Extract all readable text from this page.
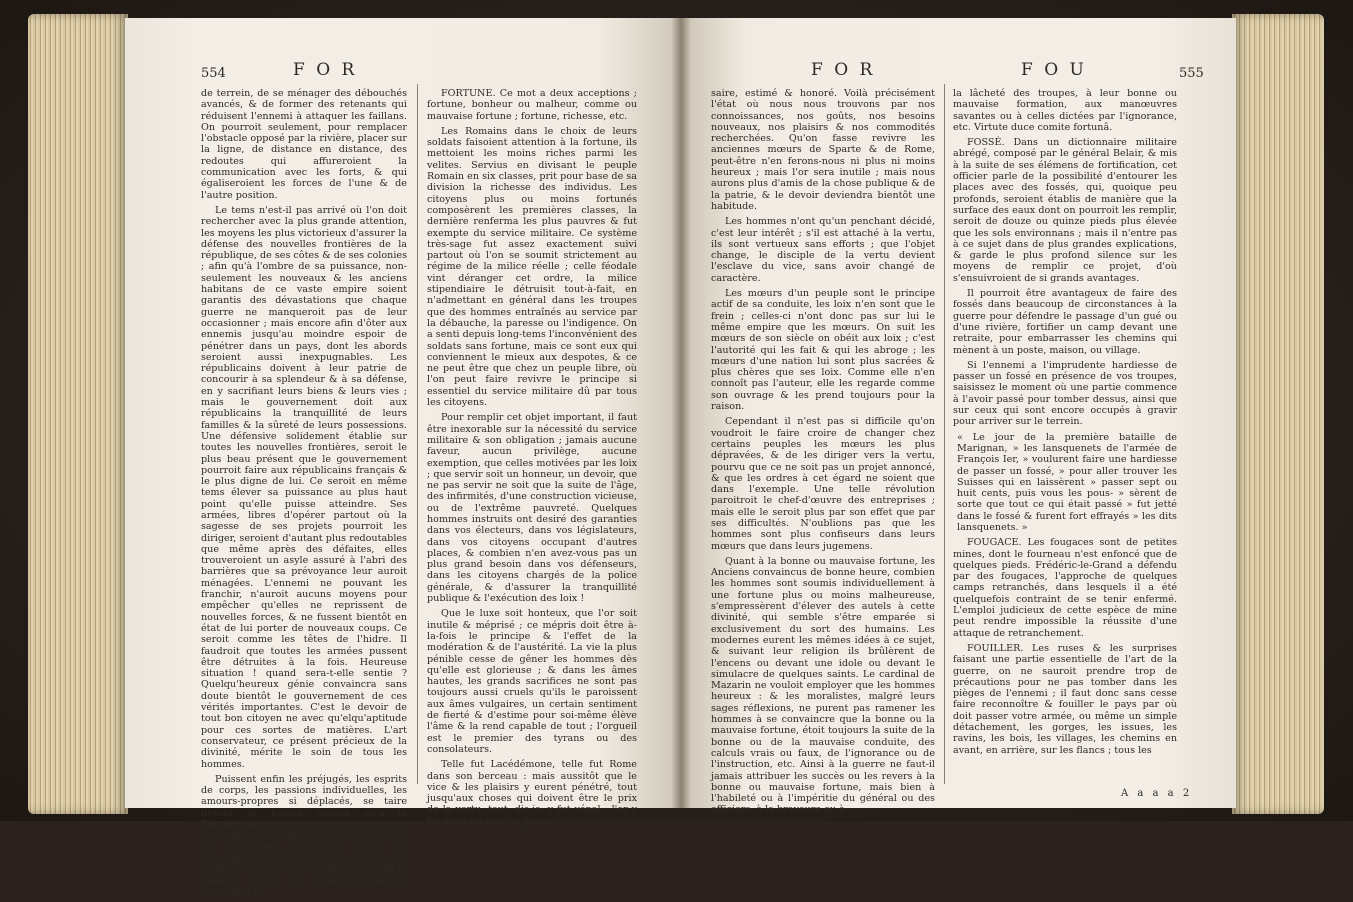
554	F O R

de terrein, de se ménager des débouchés avancés, & de former des retenants qui réduisent l'ennemi à attaquer les faillans. On pourroit seulement, pour remplacer l'obstacle opposé par la rivière, placer sur la ligne, de distance en distance, des redoutes qui affureroient la communication avec les forts, & qui égaliseroient les forces de l'une & de l'autre position.

Le tems n'est-il pas arrivé où l'on doit rechercher avec la plus grande attention, les moyens les plus victorieux d'assurer la défense des nouvelles frontières de la république, de ses côtes & de ses colonies ; afin qu'à l'ombre de sa puissance, non-seulement les nouveaux & les anciens habitans de ce vaste empire soient garantis des dévastations que chaque guerre ne manqueroit pas de leur occasionner ; mais encore afin d'ôter aux ennemis jusqu'au moindre espoir de pénétrer dans un pays, dont les abords seroient aussi inexpugnables. Les républicains doivent à leur patrie de concourir à sa splendeur & à sa défense, en y sacrifiant leurs biens & leurs vies ; mais le gouvernement doit aux républicains la tranquillité de leurs familles & la sûreté de leurs possessions. Une défensive solidement établie sur toutes les nouvelles frontières, seroit le plus beau présent que le gouvernement pourroit faire aux républicains français & le plus digne de lui. Ce seroit en même tems élever sa puissance au plus haut point qu'elle puisse atteindre. Ses armées, libres d'opérer partout où la sagesse de ses projets pourroit les diriger, seroient d'autant plus redoutables que même après des défaites, elles trouveroient un asyle assuré à l'abri des barrières que sa prévoyance leur auroit ménagées. L'ennemi ne pouvant les franchir, n'auroit aucuns moyens pour empêcher qu'elles ne reprissent de nouvelles forces, & ne fussent bientôt en état de lui porter de nouveaux coups. Ce seroit comme les têtes de l'hidre. Il faudroit que toutes les armées pussent être détruites à la fois. Heureuse situation ! quand sera-t-elle sentie ? Quelqu'heureux génie convaincra sans doute bientôt le gouvernement de ces vérités importantes. C'est le devoir de tout bon citoyen ne avec qu'elqu'aptitude pour ces sortes de matières. L'art conservateur, ce présent précieux de la divinité, mérite le soin de tous les hommes.

Puissent enfin les préjugés, les esprits de corps, les passions individuelles, les amours-propres si déplacés, se taire devant le besoin urgent qu'a la République, de remplir le projet aussi vaste que nécessaire, de la défensive de ses nouvelles frontières, pour ne s'occuper que du choix des moyens les moins onéreux, les plus forts, & dont la défense exige la moindre quantité d'hommes !

FORTUNE. Ce mot a deux acceptions ; fortune, bonheur ou malheur, comme ou mauvaise fortune ; fortune, richesse, etc.

Les Romains dans le choix de leurs soldats faisoient attention à la fortune, ils mettoient les moins riches parmi les velites. Servius en divisant le peuple Romain en six classes, prit pour base de sa division la richesse des individus. Les citoyens plus ou moins fortunés composèrent les premières classes, la dernière renferma les plus pauvres & fut exempte du service militaire. Ce système très-sage fut assez exactement suivi partout où l'on se soumit strictement au régime de la milice réelle ; celle féodale vint déranger cet ordre, la milice stipendiaire le détruisit tout-à-fait, en n'admettant en général dans les troupes que des hommes entraînés au service par la débauche, la paresse ou l'indigence. On a senti depuis long-tems l'inconvénient des soldats sans fortune, mais ce sont eux qui conviennent le mieux aux despotes, & ce ne peut être que chez un peuple libre, où l'on peut faire revivre le principe si essentiel du service militaire dû par tous les citoyens.

Pour remplir cet objet important, il faut être inexorable sur la nécessité du service militaire & son obligation ; jamais aucune faveur, aucun privilège, aucune exemption, que celles motivées par les loix ; que servir soit un honneur, un devoir, que ne pas servir ne soit que la suite de l'âge, des infirmités, d'une construction vicieuse, ou de l'extrême pauvreté. Quelques hommes instruits ont desiré des garanties dans vos électeurs, dans vos législateurs, dans vos citoyens occupant d'autres places, & combien n'en avez-vous pas un plus grand besoin dans vos défenseurs, dans les citoyens chargés de la police générale, & d'assurer la tranquillité publique & l'exécution des loix !

Que le luxe soit honteux, que l'or soit inutile & méprisé ; ce mépris doit être à-la-fois le principe & l'effet de la modération & de l'austérité. La vie la plus pénible cesse de gêner les hommes dès qu'elle est glorieuse ; & dans les âmes hautes, les grands sacrifices ne sont pas toujours aussi cruels qu'ils le paroissent aux âmes vulgaires, un certain sentiment de fierté & d'estime pour soi-même élève l'âme & la rend capable de tout ; l'orgueil est le premier des tyrans ou des consolateurs.

Telle fut Lacédémone, telle fut Rome dans son berceau : mais aussitôt que le vice & les plaisirs y eurent pénétré, tout jusqu'aux choses qui doivent être le prix de la vertu, tout, dis-je, y fut vénal ; l'or y fut donc recherché, néces-

F O R	F O U	555

saire, estimé & honoré. Voilà précisément l'état où nous nous trouvons par nos connoissances, nos goûts, nos besoins nouveaux, nos plaisirs & nos commodités recherchées. Qu'on fasse revivre les anciennes mœurs de Sparte & de Rome, peut-être n'en ferons-nous ni plus ni moins heureux ; mais l'or sera inutile ; mais nous aurons plus d'amis de la chose publique & de la patrie, & le devoir deviendra bientôt une habitude.

Les hommes n'ont qu'un penchant décidé, c'est leur intérêt ; s'il est attaché à la vertu, ils sont vertueux sans efforts ; que l'objet change, le disciple de la vertu devient l'esclave du vice, sans avoir changé de caractère.

Les mœurs d'un peuple sont le principe actif de sa conduite, les loix n'en sont que le frein ; celles-ci n'ont donc pas sur lui le même empire que les mœurs. On suit les mœurs de son siècle on obéit aux loix ; c'est l'autorité qui les fait & qui les abroge ; les mœurs d'une nation lui sont plus sacrées & plus chères que ses loix. Comme elle n'en connoît pas l'auteur, elle les regarde comme son ouvrage & les prend toujours pour la raison.

Cependant il n'est pas si difficile qu'on voudroit le faire croire de changer chez certains peuples les mœurs les plus dépravées, & de les diriger vers la vertu, pourvu que ce ne soit pas un projet annoncé, & que les ordres à cet égard ne soient que dans l'exemple. Une telle révolution paroitroit le chef-d'œuvre des entreprises ; mais elle le seroit plus par son effet que par ses difficultés. N'oublions pas que les hommes sont plus confiseurs dans leurs mœurs que dans leurs jugemens.

Quant à la bonne ou mauvaise fortune, les Anciens convaincus de bonne heure, combien les hommes sont soumis individuellement à une fortune plus ou moins malheureuse, s'empressèrent d'élever des autels à cette divinité, qui semble s'être emparée si exclusivement du sort des humains. Les modernes eurent les mêmes idées à ce sujet, & suivant leur religion ils brûlèrent de l'encens ou devant une idole ou devant le simulacre de quelques saints. Le cardinal de Mazarin ne vouloit employer que les hommes heureux : & les moralistes, malgré leurs sages réflexions, ne purent pas ramener les hommes à se convaincre que la bonne ou la mauvaise fortune, étoit toujours la suite de la bonne ou de la mauvaise conduite, des calculs vrais ou faux, de l'ignorance ou de l'instruction, etc. Ainsi à la guerre ne faut-il jamais attribuer les succès ou les revers à la bonne ou mauvaise fortune, mais bien à l'habileté ou à l'impéritie du général ou des officiers, à la bravoure ou à

la lâcheté des troupes, à leur bonne ou mauvaise formation, aux manœuvres savantes ou à celles dictées par l'ignorance, etc. Virtute duce comite fortunâ.

FOSSÉ. Dans un dictionnaire militaire abrégé, composé par le général Belair, & mis à la suite de ses élémens de fortification, cet officier parle de la possibilité d'entourer les places avec des fossés, qui, quoique peu profonds, seroient établis de manière que la surface des eaux dont on pourroit les remplir, seroit de douze ou quinze pieds plus élevée que les sols environnans ; mais il n'entre pas à ce sujet dans de plus grandes explications, & garde le plus profond silence sur les moyens de remplir ce projet, d'où s'ensuivroient de si grands avantages.

Il pourroit être avantageux de faire des fossés dans beaucoup de circonstances à la guerre pour défendre le passage d'un gué ou d'une rivière, fortifier un camp devant une retraite, pour embarrasser les chemins qui mènent à un poste, maison, ou village.

Si l'ennemi a l'imprudente hardiesse de passer un fossé en présence de vos troupes, saisissez le moment où une partie commence à l'avoir passé pour tomber dessus, ainsi que sur ceux qui sont encore occupés à gravir pour arriver sur le terrein.

« Le jour de la première bataille de Marignan, » les lansquenets de l'armée de François Ier, » voulurent faire une hardiesse de passer un fossé, » pour aller trouver les Suisses qui en laissèrent » passer sept ou huit cents, puis vous les pous- » sèrent de sorte que tout ce qui était passé » fut jetté dans le fossé & furent fort effrayés » les dits lansquenets. »

FOUGACE. Les fougaces sont de petites mines, dont le fourneau n'est enfoncé que de quelques pieds. Frédéric-le-Grand a défendu par des fougaces, l'approche de quelques camps retranchés, dans lesquels il a été quelquefois contraint de se tenir enfermé. L'emploi judicieux de cette espèce de mine peut rendre impossible la réussite d'une attaque de retranchement.

FOUILLER. Les ruses & les surprises faisant une partie essentielle de l'art de la guerre, on ne sauroit prendre trop de précautions pour ne pas tomber dans les pièges de l'ennemi ; il faut donc sans cesse faire reconnoître & fouiller le pays par où doit passer votre armée, ou même un simple détachement, les gorges, les issues, les ravins, les bois, les villages, les chemins en avant, en arrière, sur les flancs ; tous les

A a a a 2
